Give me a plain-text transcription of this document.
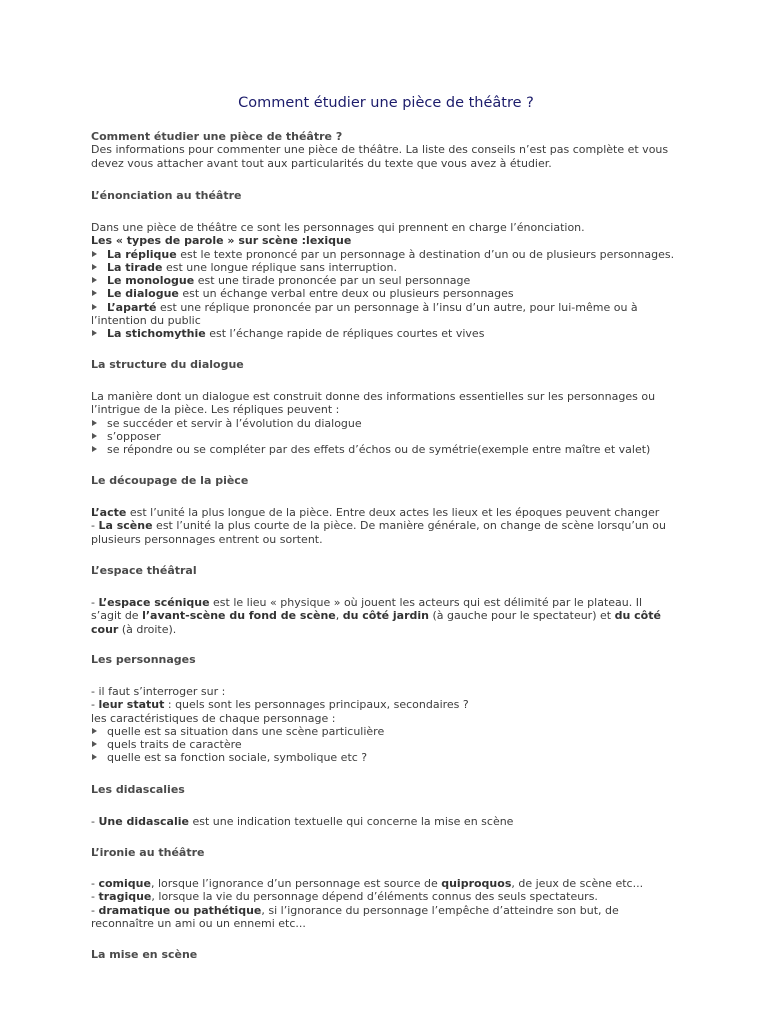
Comment étudier une pièce de théâtre ?

Comment étudier une pièce de théâtre ?

Des informations pour commenter une pièce de théâtre. La liste des conseils n’est pas complète et vous

devez vous attacher avant tout aux particularités du texte que vous avez à étudier.

L’énonciation au théâtre

Dans une pièce de théâtre ce sont les personnages qui prennent en charge l’énonciation.

Les « types de parole » sur scène :lexique

La réplique est le texte prononcé par un personnage à destination d’un ou de plusieurs personnages.
La tirade est une longue réplique sans interruption.
Le monologue est une tirade prononcée par un seul personnage
Le dialogue est un échange verbal entre deux ou plusieurs personnages
L’aparté est une réplique prononcée par un personnage à l’insu d’un autre, pour lui-même ou à

l’intention du public

La stichomythie est l’échange rapide de répliques courtes et vives

La structure du dialogue

La manière dont un dialogue est construit donne des informations essentielles sur les personnages ou

l’intrigue de la pièce. Les répliques peuvent :

se succéder et servir à l’évolution du dialogue
s’opposer
se répondre ou se compléter par des effets d’échos ou de symétrie(exemple entre maître et valet)

Le découpage de la pièce

L’acte est l’unité la plus longue de la pièce. Entre deux actes les lieux et les époques peuvent changer

- La scène est l’unité la plus courte de la pièce. De manière générale, on change de scène lorsqu’un ou

plusieurs personnages entrent ou sortent.

L’espace théâtral

- L’espace scénique est le lieu « physique » où jouent les acteurs qui est délimité par le plateau. Il

s’agit de l’avant-scène du fond de scène, du côté jardin (à gauche pour le spectateur) et du côté

cour (à droite).

Les personnages

- il faut s’interroger sur :

- leur statut : quels sont les personnages principaux, secondaires ?

les caractéristiques de chaque personnage :

quelle est sa situation dans une scène particulière
quels traits de caractère
quelle est sa fonction sociale, symbolique etc ?

Les didascalies

- Une didascalie est une indication textuelle qui concerne la mise en scène

L’ironie au théâtre

- comique, lorsque l’ignorance d’un personnage est source de quiproquos, de jeux de scène etc...

- tragique, lorsque la vie du personnage dépend d’éléments connus des seuls spectateurs.

- dramatique ou pathétique, si l’ignorance du personnage l’empêche d’atteindre son but, de

reconnaître un ami ou un ennemi etc...

La mise en scène
